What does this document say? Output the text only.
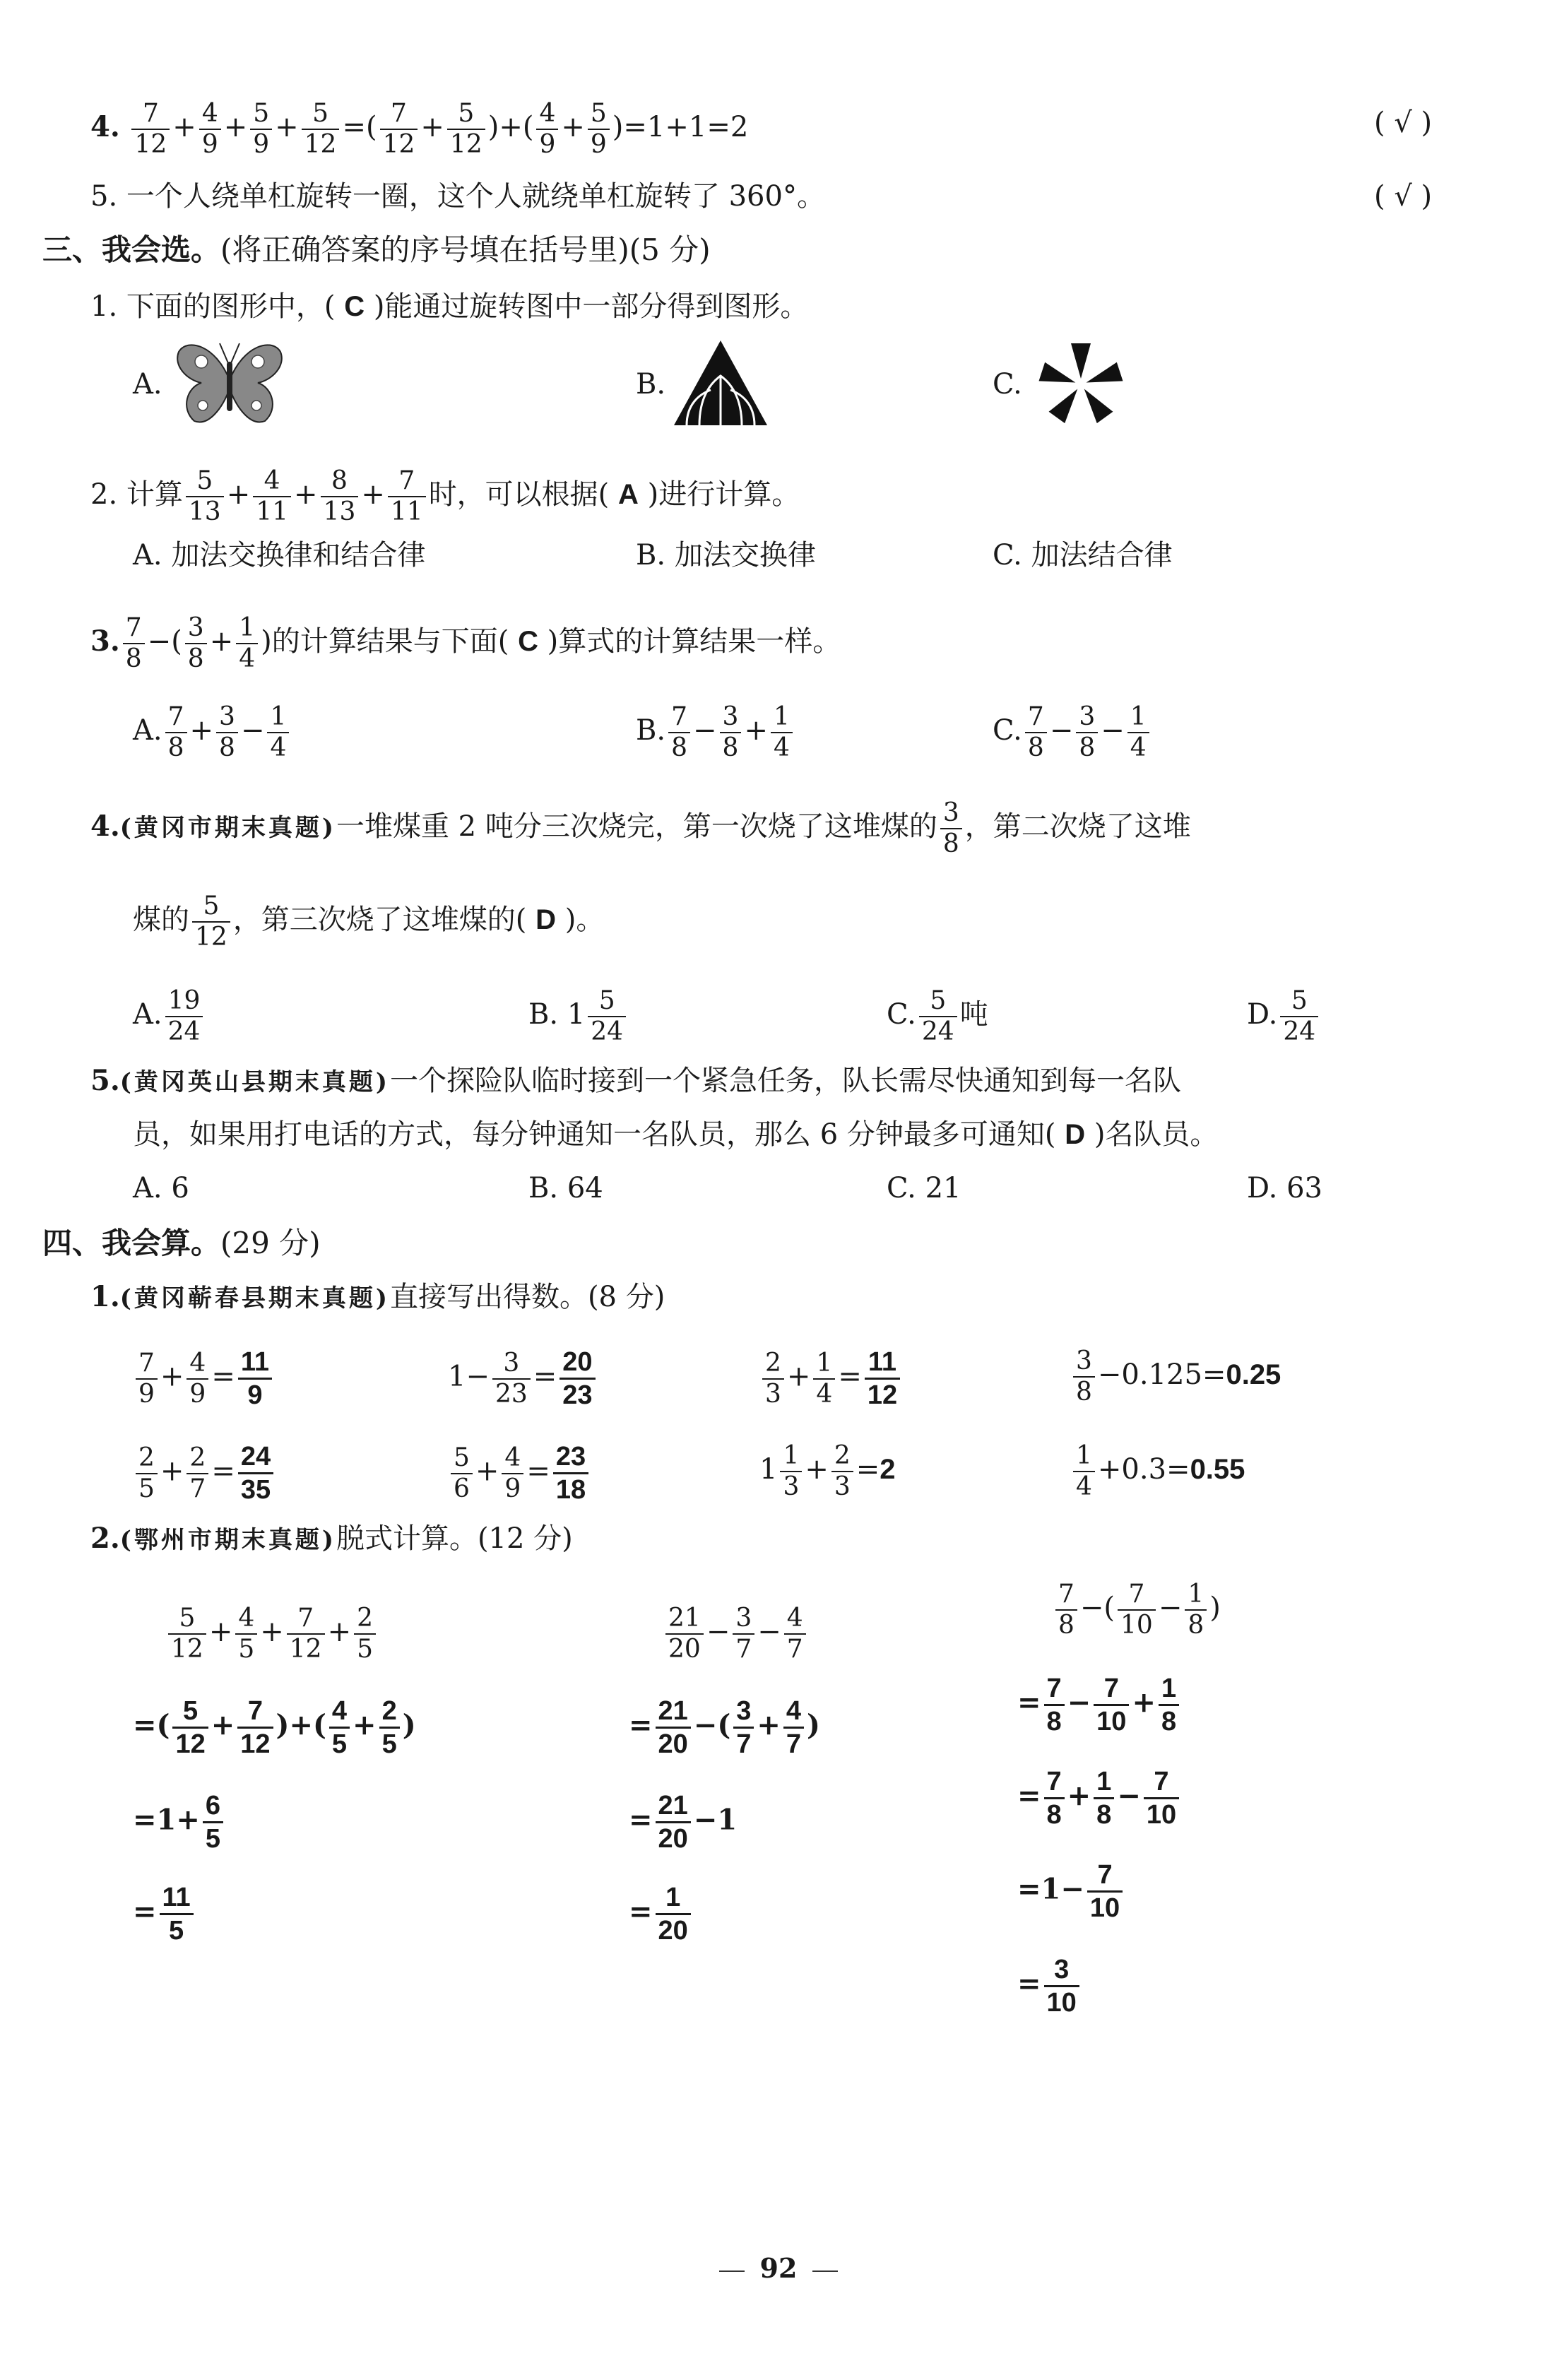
4. $\frac{7}{12} + \frac{4}{9} + \frac{5}{9} + \frac{5}{12}$ =( $\frac{7}{12} + \frac{5}{12}$ )+( $\frac{4}{9} + \frac{5}{9} )=1+1=2$	( √ )
5. 一个人绕单杠旋转一圈，这个人就绕单杠旋转了 360°。	( √ )
三、我会选。(将正确答案的序号填在括号里)(5 分)
1. 下面的图形中，( C )能通过旋转图中一部分得到图形。
A.	B.	C.
2. 计算 $\frac{5}{13} + \frac{4}{11} + \frac{8}{13} + \frac{7}{11}$ 时，可以根据( A )进行计算。
A. 加法交换律和结合律	B. 加法交换律	C. 加法结合律
3. $\frac{7}{8}$ −( $\frac{3}{8} + \frac{1}{4}$ )的计算结果与下面( C )算式的计算结果一样。
A. $\frac{7}{8} + \frac{3}{8} - \frac{1}{4}$	B. $\frac{7}{8} - \frac{3}{8} + \frac{1}{4}$	C. $\frac{7}{8} - \frac{3}{8} - \frac{1}{4}$
4.(黄冈市期末真题)一堆煤重 2 吨分三次烧完，第一次烧了这堆煤的 $\frac{3}{8}$ ，第二次烧了这堆
煤的 $\frac{5}{12}$ ，第三次烧了这堆煤的( D )。
A. $\frac{19}{24}$	B. $1 \frac{5}{24}$	C. $\frac{5}{24}$ 吨	D. $\frac{5}{24}$
5.(黄冈英山县期末真题)一个探险队临时接到一个紧急任务，队长需尽快通知到每一名队
员，如果用打电话的方式，每分钟通知一名队员，那么 6 分钟最多可通知( D )名队员。
A. 6	B. 64	C. 21	D. 63
四、我会算。(29 分)
1.(黄冈蕲春县期末真题)直接写出得数。(8 分)
$\frac{7}{9} + \frac{4}{9} = \frac{11}{9}$	$1- \frac{3}{23} = \frac{20}{23}$	$\frac{2}{3} + \frac{1}{4} = \frac{11}{12}$	$\frac{3}{8} -0.125=0.25$
$\frac{2}{5} + \frac{2}{7} = \frac{24}{35}$	$\frac{5}{6} + \frac{4}{9} = \frac{23}{18}$	$1 \frac{1}{3} + \frac{2}{3} =2$	$\frac{1}{4} +0.3=0.55$
2.(鄂州市期末真题)脱式计算。(12 分)
$\frac{5}{12} + \frac{4}{5} + \frac{7}{12} + \frac{2}{5}$
=( $\frac{5}{12} + \frac{7}{12}$ )+( $\frac{4}{5} + \frac{2}{5}$ )
$=1+ \frac{6}{5}$
= $\frac{11}{5}$
$\frac{21}{20} - \frac{3}{7} - \frac{4}{7}$
= $\frac{21}{20}$ −( $\frac{3}{7} + \frac{4}{7}$ )
= $\frac{21}{20} -1$
= $\frac{1}{20}$
$\frac{7}{8}$ −( $\frac{7}{10} - \frac{1}{8}$ )
= $\frac{7}{8} - \frac{7}{10} + \frac{1}{8}$
= $\frac{7}{8} + \frac{1}{8} - \frac{7}{10}$
$=1- \frac{7}{10}$
= $\frac{3}{10}$
92
